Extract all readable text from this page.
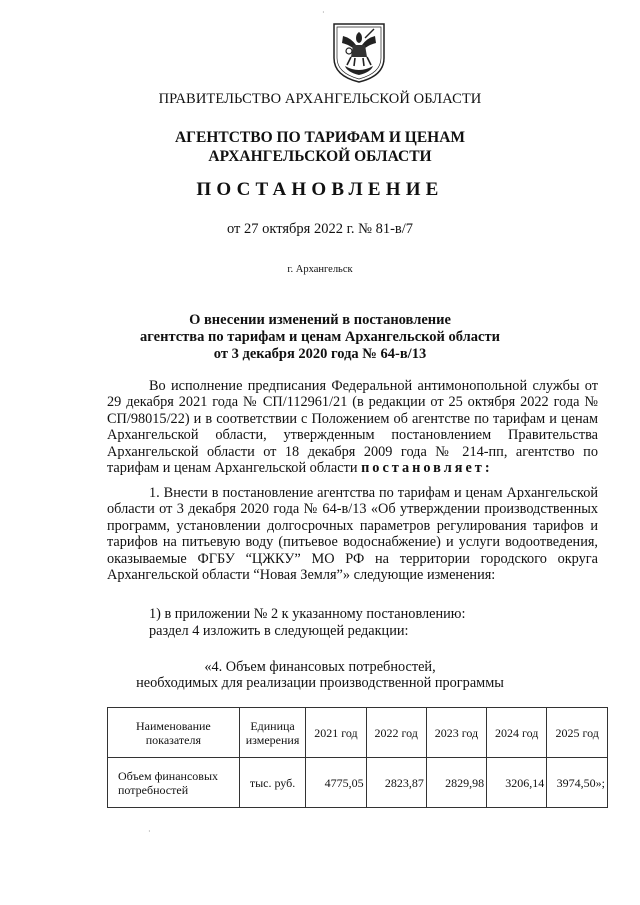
ПРАВИТЕЛЬСТВО АРХАНГЕЛЬСКОЙ ОБЛАСТИ
АГЕНТСТВО ПО ТАРИФАМ И ЦЕНАМ
АРХАНГЕЛЬСКОЙ ОБЛАСТИ
ПОСТАНОВЛЕНИЕ
от 27 октября 2022 г. № 81-в/7
г. Архангельск
О внесении изменений в постановление
агентства по тарифам и ценам Архангельской области
от 3 декабря 2020 года № 64-в/13
Во исполнение предписания Федеральной антимонопольной службы от 29 декабря 2021 года № СП/112961/21 (в редакции от 25 октября 2022 года № СП/98015/22) и в соответствии с Положением об агентстве по тарифам и ценам Архангельской области, утвержденным постановлением Правительства Архангельской области от 18 декабря 2009 года № 214-пп, агентство по тарифам и ценам Архангельской области постановляет:
1. Внести в постановление агентства по тарифам и ценам Архангельской области от 3 декабря 2020 года № 64-в/13 «Об утверждении производственных программ, установлении долгосрочных параметров регулирования тарифов и тарифов на питьевую воду (питьевое водоснабжение) и услуги водоотведения, оказываемые ФГБУ “ЦЖКУ” МО РФ на территории городского округа Архангельской области “Новая Земля”» следующие изменения:
1) в приложении № 2 к указанному постановлению:
раздел 4 изложить в следующей редакции:
«4. Объем финансовых потребностей,
необходимых для реализации производственной программы
Наименование показателя	Единица измерения	2021 год	2022 год	2023 год	2024 год	2025 год
Объем финансовых потребностей	тыс. руб.	4775,05	2823,87	2829,98	3206,14	3974,50»;
·
·
